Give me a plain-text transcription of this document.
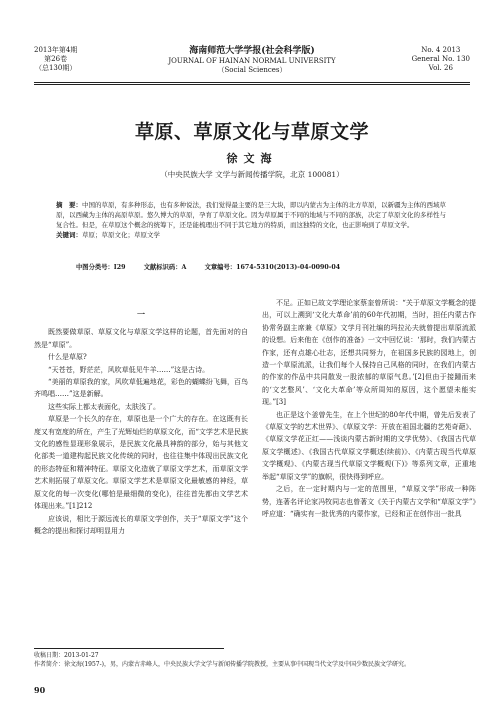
2013年第4期
第26卷
（总130期）
海南师范大学学报(社会科学版)
JOURNAL OF HAINAN NORMAL UNIVERSITY
（Social Sciences）
No. 4 2013
General No. 130
Vol. 26
草原、草原文化与草原文学
徐文海
（中央民族大学 文学与新闻传播学院，北京 100081）
摘　要：中国的草原，有多种形态，也有多种说法，我们觉得最主要的是三大块，即以内蒙古为主体的北方草原，以新疆为主体的西域草原，以西藏为主体的高原草原。悠久博大的草原，孕育了草原文化。因为草原属于不同的地域与不同的部族，决定了草原文化的多样性与复合性。但是，在草原这个概念的统筹下，还是能梳理出不同于其它地方的特质，而这独特的文化，也正影响到了草原文学。
关键词：草原；草原文化；草原文学
中图分类号：I29	文献标识码：A	文章编号：1674-5310(2013)-04-0090-04
一

既然要做草原、草原文化与草原文学这样的论题，首先面对的自然是“草原”。

什么是草原?

“天苍苍，野茫茫，风吹草低见牛羊……”这是古诗。

“美丽的草原我的家，风吹草低遍地花，彩色的蝴蝶纷飞舞，百鸟齐鸣唱……”这是新解。

这些实际上都太表面化，太肤浅了。

草原是一个长久的存在，草原也是一个广大的存在。在这既有长度又有宽度的所在，产生了光辉灿烂的草原文化，而“文学艺术是民族文化的感性显现形象展示，是民族文化最具神韵的部分，始与其他文化部类一道建构起民族文化传统的同时，也往往集中体现出民族文化的形态特征和精神特征。草原文化造就了草原文学艺术，而草原文学艺术则拓展了草原文化。草原文学艺术是草原文化最敏感的神经，草原文化的每一次变化(哪怕是最细微的变化)，往往首先都由文学艺术体现出来。”[1]212

应该说，相比于源远流长的草原文学创作，关于“草原文学”这个概念的提出和探讨却明显用力

不足。正如已故文学理论家蔡奎曾所说：“关于草原文学概念的提出，可以上溯到‘文化大革命’前的60年代初期，当时，担任内蒙古作协常务副主席兼《草原》文学月刊社编的玛拉沁夫就曾提出草原流派的设想。后来他在《创作的准备》一文中回忆说：‘那时，我们内蒙古作家，还有点雄心壮志，还想共同努力，在祖国多民族的园地上，创造一个草原流派，让我们每个人保持自己风格的同时，在我们内蒙古的作家的作品中共同散发一股浓郁的草原气息。’[2]但由于接踵而来的‘文艺整风’、‘文化大革命’等众所周知的原因，这个愿望未能实现。”[3]

也正是这个釜曾先生，在上个世纪的80年代中期，曾先后发表了《草原文学的艺术世界》、《草原文学：开放在祖国北疆的艺苑奇葩》、《草原文学花正红——浅谈内蒙古新时期的文学优势》、《我国古代草原文学概述》、《我国古代草原文学概述(续前)》、《内蒙古现当代草原文学概观》、《内蒙古现当代草原文学概观(下)》等系列文章，正重地举起“草原文学”的旗帜，很快得到呼应。

之后，在一定时期内与一定的范围里，“草原文学”形成一种阵势，连著名评论家冯牧同志也曾著文《关于内蒙古文学和“草原文学”》呼应道：“确实有一批优秀的内蒙作家，已经和正在创作出一批具

收稿日期：2013-01-27
作者简介：徐文海(1957-)，男，内蒙古赤峰人，中央民族大学文学与新闻传播学院教授，主要从事中国现当代文学及中国少数民族文学研究。
90
